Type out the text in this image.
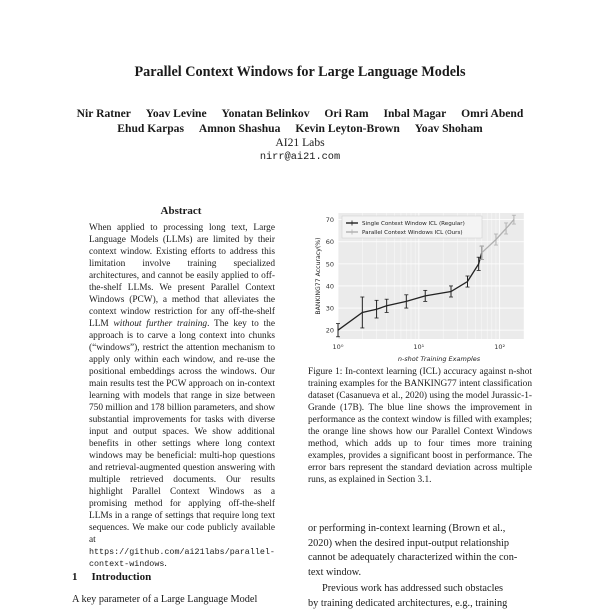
Parallel Context Windows for Large Language Models
Nir Ratner Yoav Levine Yonatan Belinkov Ori Ram Inbal Magar Omri Abend
Ehud Karpas Amnon Shashua Kevin Leyton-Brown Yoav Shoham
AI21 Labs
nirr@ai21.com
Abstract
When applied to processing long text, Large Language Models (LLMs) are limited by their context window. Existing efforts to address this limitation involve training specialized architectures, and cannot be easily applied to off-the-shelf LLMs. We present Parallel Context Windows (PCW), a method that alleviates the context window restriction for any off-the-shelf LLM without further training. The key to the approach is to carve a long context into chunks (“windows”), restrict the attention mechanism to apply only within each window, and re-use the positional embeddings across the windows. Our main results test the PCW approach on in-context learning with models that range in size between 750 million and 178 billion parameters, and show substantial improvements for tasks with diverse input and output spaces. We show additional benefits in other settings where long context windows may be beneficial: multi-hop questions and retrieval-augmented question answering with multiple retrieved documents. Our results highlight Parallel Context Windows as a promising method for applying off-the-shelf LLMs in a range of settings that require long text sequences. We make our code publicly available at https://github.com/ai21labs/parallel-context-windows.
1 Introduction
A key parameter of a Large Language Model
20
30
40
50
60
70
10⁰	10¹	10²
n-shot Training Examples
BANKING77 Accuracy(%)
Single Context Window ICL (Regular)
Parallel Context Windows ICL (Ours)
Figure 1: In-context learning (ICL) accuracy against n-shot training examples for the BANKING77 intent classification dataset (Casanueva et al., 2020) using the model Jurassic-1-Grande (17B). The blue line shows the improvement in performance as the context window is filled with examples; the orange line shows how our Parallel Context Windows method, which adds up to four times more training examples, provides a significant boost in performance. The error bars represent the standard deviation across multiple runs, as explained in Section 3.1.
or performing in-context learning (Brown et al.,
2020) when the desired input-output relationship
cannot be adequately characterized within the con-
text window.
Previous work has addressed such obstacles
by training dedicated architectures, e.g., training
